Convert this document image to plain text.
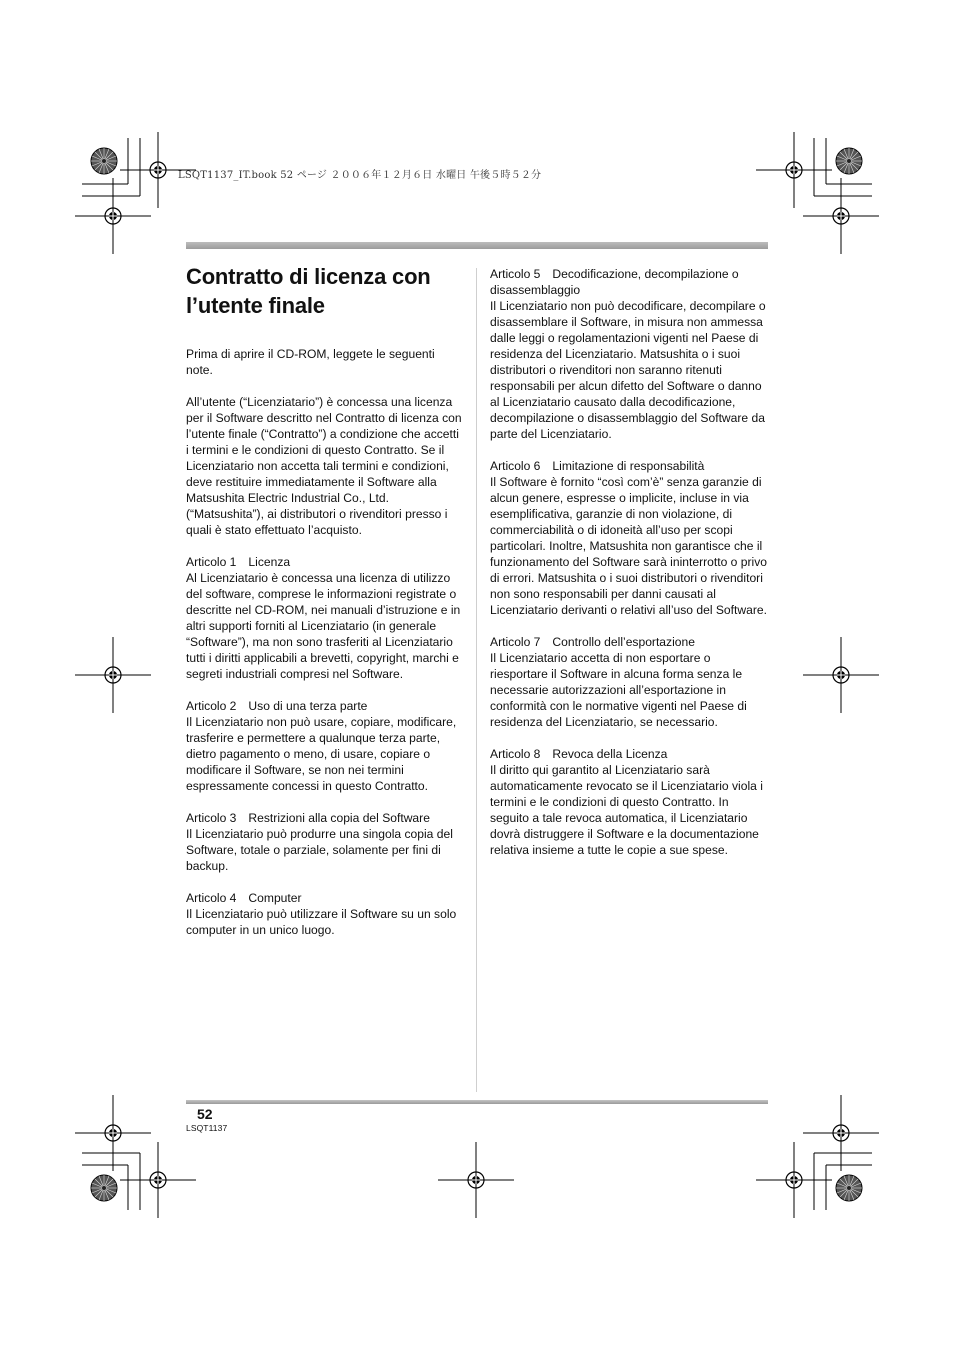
LSQT1137_IT.book 52 ページ ２００６年１２月６日 水曜日 午後５時５２分
Contratto di licenza con l’utente finale

Prima di aprire il CD-ROM, leggete le seguenti note.

All’utente (“Licenziatario”) è concessa una licenza per il Software descritto nel Contratto di licenza con l’utente finale (“Contratto”) a condizione che accetti i termini e le condizioni di questo Contratto. Se il Licenziatario non accetta tali termini e condizioni, deve restituire immediatamente il Software alla Matsushita Electric Industrial Co., Ltd. (“Matsushita”), ai distributori o rivenditori presso i quali è stato effettuato l’acquisto.

Articolo 1 Licenza
Al Licenziatario è concessa una licenza di utilizzo del software, comprese le informazioni registrate o descritte nel CD-ROM, nei manuali d’istruzione e in altri supporti forniti al Licenziatario (in generale “Software”), ma non sono trasferiti al Licenziatario tutti i diritti applicabili a brevetti, copyright, marchi e segreti industriali compresi nel Software.
Articolo 2 Uso di una terza parte
Il Licenziatario non può usare, copiare, modificare, trasferire e permettere a qualunque terza parte, dietro pagamento o meno, di usare, copiare o modificare il Software, se non nei termini espressamente concessi in questo Contratto.
Articolo 3 Restrizioni alla copia del Software
Il Licenziatario può produrre una singola copia del Software, totale o parziale, solamente per fini di backup.
Articolo 4 Computer
Il Licenziatario può utilizzare il Software su un solo computer in un unico luogo.
Articolo 5 Decodificazione, decompilazione o disassemblaggio
Il Licenziatario non può decodificare, decompilare o disassemblare il Software, in misura non ammessa dalle leggi o regolamentazioni vigenti nel Paese di residenza del Licenziatario. Matsushita o i suoi distributori o rivenditori non saranno ritenuti responsabili per alcun difetto del Software o danno al Licenziatario causato dalla decodificazione, decompilazione o disassemblaggio del Software da parte del Licenziatario.
Articolo 6 Limitazione di responsabilità
Il Software è fornito “così com’è” senza garanzie di alcun genere, espresse o implicite, incluse in via esemplificativa, garanzie di non violazione, di commerciabilità o di idoneità all’uso per scopi particolari. Inoltre, Matsushita non garantisce che il funzionamento del Software sarà ininterrotto o privo di errori. Matsushita o i suoi distributori o rivenditori non sono responsabili per danni causati al Licenziatario derivanti o relativi all’uso del Software.
Articolo 7 Controllo dell’esportazione
Il Licenziatario accetta di non esportare o riesportare il Software in alcuna forma senza le necessarie autorizzazioni all’esportazione in conformità con le normative vigenti nel Paese di residenza del Licenziatario, se necessario.
Articolo 8 Revoca della Licenza
Il diritto qui garantito al Licenziatario sarà automaticamente revocato se il Licenziatario viola i termini e le condizioni di questo Contratto. In seguito a tale revoca automatica, il Licenziatario dovrà distruggere il Software e la documentazione relativa insieme a tutte le copie a sue spese.
52
LSQT1137
